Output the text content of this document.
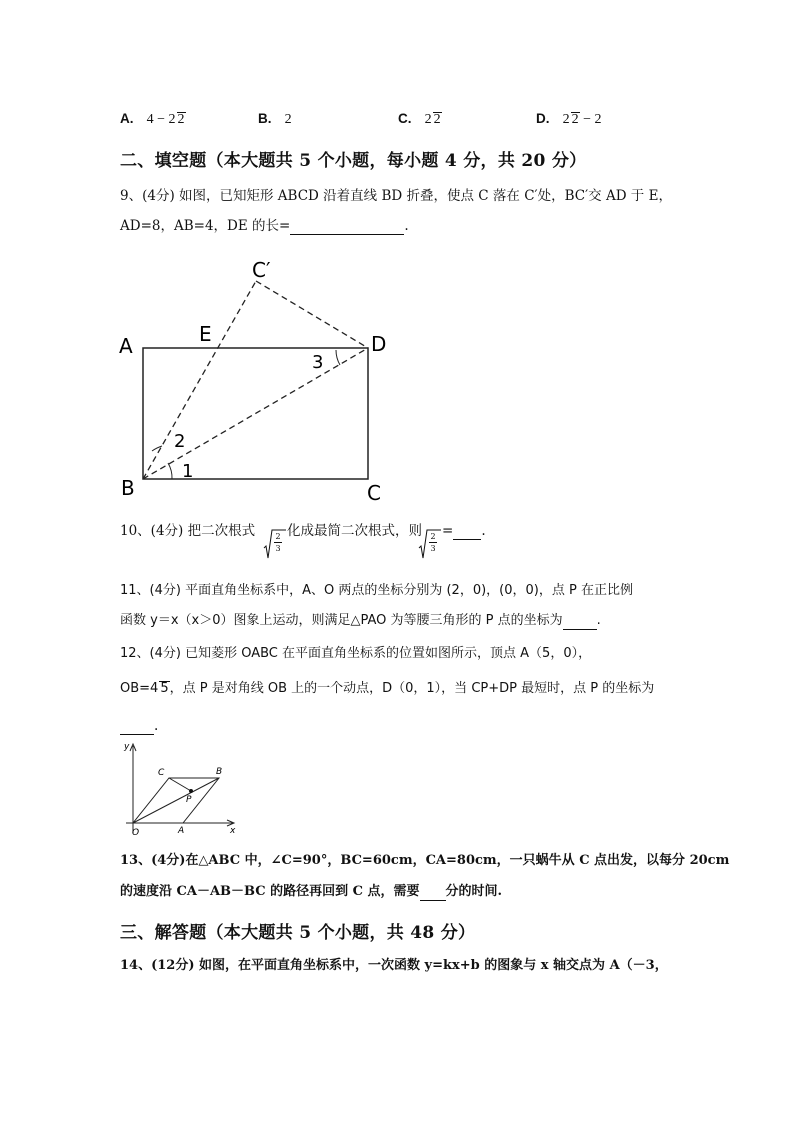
A. 4 − 2 2	B. 2	C. 2 2	D. 2 2 − 2
二、填空题（本大题共 5 个小题，每小题 4 分，共 20 分）
9、(4分) 如图，已知矩形 ABCD 沿着直线 BD 折叠，使点 C 落在 C′处，BC′交 AD 于 E，
AD=8，AB=4，DE 的长=	.
C′
A	E	D
B	C
1
2
3
10、(4分) 把二次根式	2
3
化成最简二次根式，则	2
3
= .
11、(4分) 平面直角坐标系中，A、O 两点的坐标分别为 (2，0)，(0，0)，点 P 在正比例
函数 y＝x（x＞0）图象上运动，则满足△PAO 为等腰三角形的 P 点的坐标为	.
12、(4分) 已知菱形 OABC 在平面直角坐标系的位置如图所示，顶点 A（5，0），
OB=4 5，点 P 是对角线 OB 上的一个动点，D（0，1），当 CP+DP 最短时，点 P 的坐标为
.
y
x
O	A
B
C
P
13、(4分)在△ABC 中，∠C=90°，BC=60cm，CA=80cm，一只蜗牛从 C 点出发，以每分 20cm
的速度沿 CA－AB－BC 的路径再回到 C 点，需要 分的时间.
三、解答题（本大题共 5 个小题，共 48 分）
14、(12分) 如图，在平面直角坐标系中，一次函数 y=kx+b 的图象与 x 轴交点为 A（－3，
